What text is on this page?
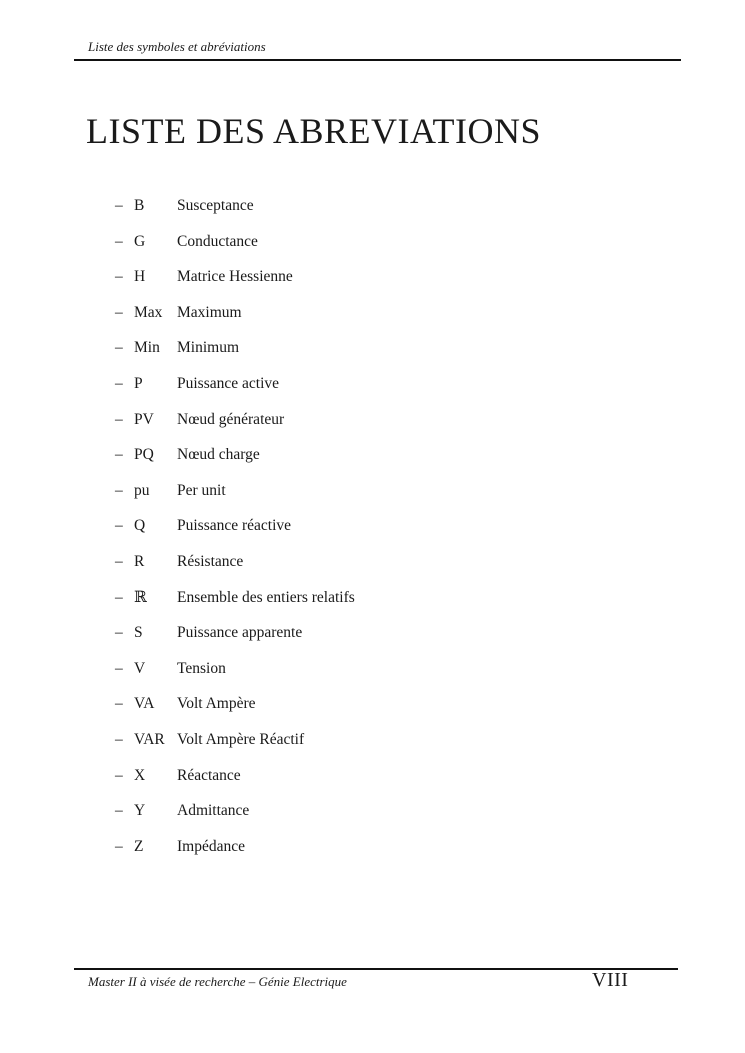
Liste des symboles et abréviations
LISTE DES ABREVIATIONS
– B Susceptance
– G Conductance
– H Matrice Hessienne
– Max Maximum
– Min Minimum
– P Puissance active
– PV Nœud générateur
– PQ Nœud charge
– pu Per unit
– Q Puissance réactive
– R Résistance
– ℝ Ensemble des entiers relatifs
– S Puissance apparente
– V Tension
– VA Volt Ampère
– VAR Volt Ampère Réactif
– X Réactance
– Y Admittance
– Z Impédance
Master II à visée de recherche – Génie Electrique	VIII
